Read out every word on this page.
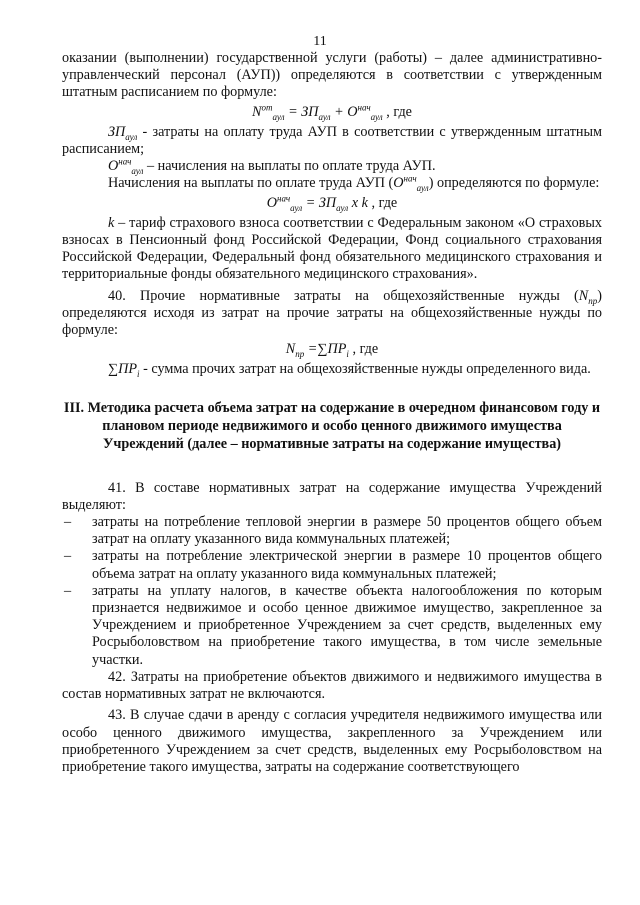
11

оказании (выполнении) государственной услуги (работы) – далее административно-управленческий персонал (АУП)) определяются в соответствии с утвержденным штатным расписанием по формуле:

$N^{от}_{аул} = ЗП_{аул} + О^{нач}_{аул}$ , где

$ЗП_{аул}$ - затраты на оплату труда АУП в соответствии с утвержденным штатным расписанием;

$О^{нач}_{аул}$ – начисления на выплаты по оплате труда АУП.

Начисления на выплаты по оплате труда АУП $(О^{нач}_{аул})$ определяются по формуле:

$О^{нач}_{аул} = ЗП_{аул}$ x k , где

k – тариф страхового взноса соответствии с Федеральным законом «О страховых взносах в Пенсионный фонд Российской Федерации, Фонд социального страхования Российской Федерации, Федеральный фонд обязательного медицинского страхования и территориальные фонды обязательного медицинского страхования».

40. Прочие нормативные затраты на общехозяйственные нужды $(N_{пр})$ определяются исходя из затрат на прочие затраты на общехозяйственные нужды по формуле:

$N_{пр} =\sum ПР_i$ , где

$\sum ПР_i$ - сумма прочих затрат на общехозяйственные нужды определенного вида.

III. Методика расчета объема затрат на содержание в очередном финансовом году и плановом периоде недвижимого и особо ценного движимого имущества Учреждений (далее – нормативные затраты на содержание имущества)

41. В составе нормативных затрат на содержание имущества Учреждений выделяют:

– затраты на потребление тепловой энергии в размере 50 процентов общего объем затрат на оплату указанного вида коммунальных платежей;
– затраты на потребление электрической энергии в размере 10 процентов общего объема затрат на оплату указанного вида коммунальных платежей;
– затраты на уплату налогов, в качестве объекта налогообложения по которым признается недвижимое и особо ценное движимое имущество, закрепленное за Учреждением и приобретенное Учреждением за счет средств, выделенных ему Росрыболовством на приобретение такого имущества, в том числе земельные участки.

42. Затраты на приобретение объектов движимого и недвижимого имущества в состав нормативных затрат не включаются.

43. В случае сдачи в аренду с согласия учредителя недвижимого имущества или особо ценного движимого имущества, закрепленного за Учреждением или приобретенного Учреждением за счет средств, выделенных ему Росрыболовством на приобретение такого имущества, затраты на содержание соответствующего
